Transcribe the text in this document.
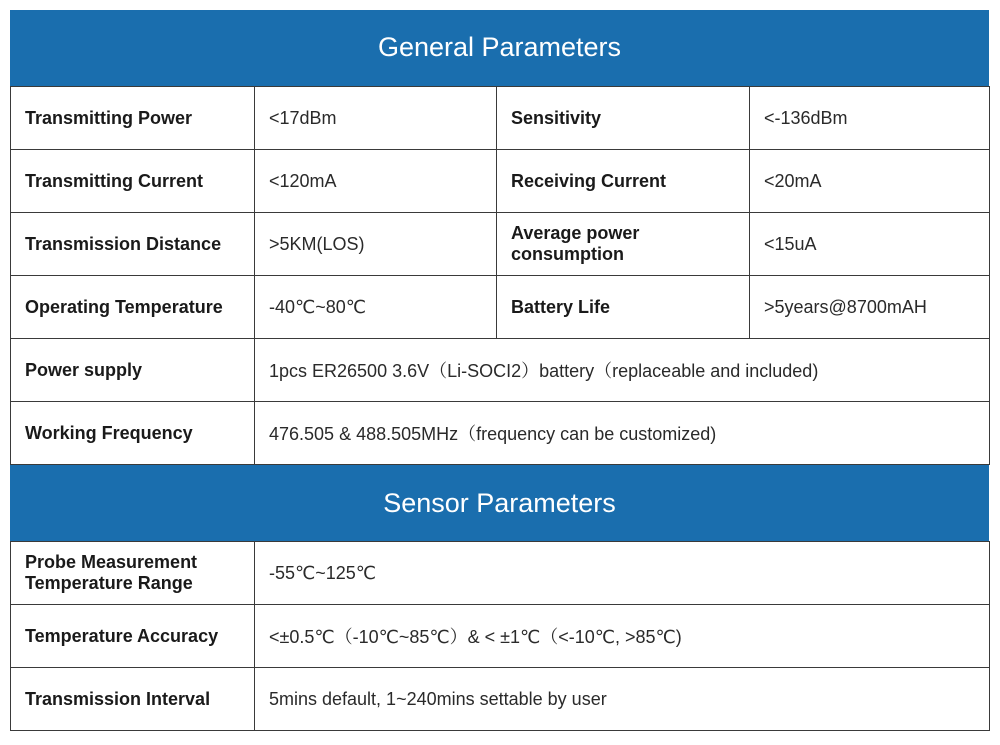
General Parameters
Transmitting Power	<17dBm	Sensitivity	<-136dBm
Transmitting Current	<120mA	Receiving Current	<20mA
Transmission Distance	>5KM(LOS)	Average power consumption	<15uA
Operating Temperature	-40℃~80℃	Battery Life	>5years@8700mAH
Power supply	1pcs ER26500 3.6V（Li-SOCI2）battery（replaceable and included)		
Working Frequency	476.505 & 488.505MHz（frequency can be customized)		
Sensor Parameters
Probe Measurement Temperature Range	-55℃~125℃
Temperature Accuracy	<±0.5℃（-10℃~85℃）& < ±1℃（<-10℃, >85℃)
Transmission Interval	5mins default, 1~240mins settable by user
